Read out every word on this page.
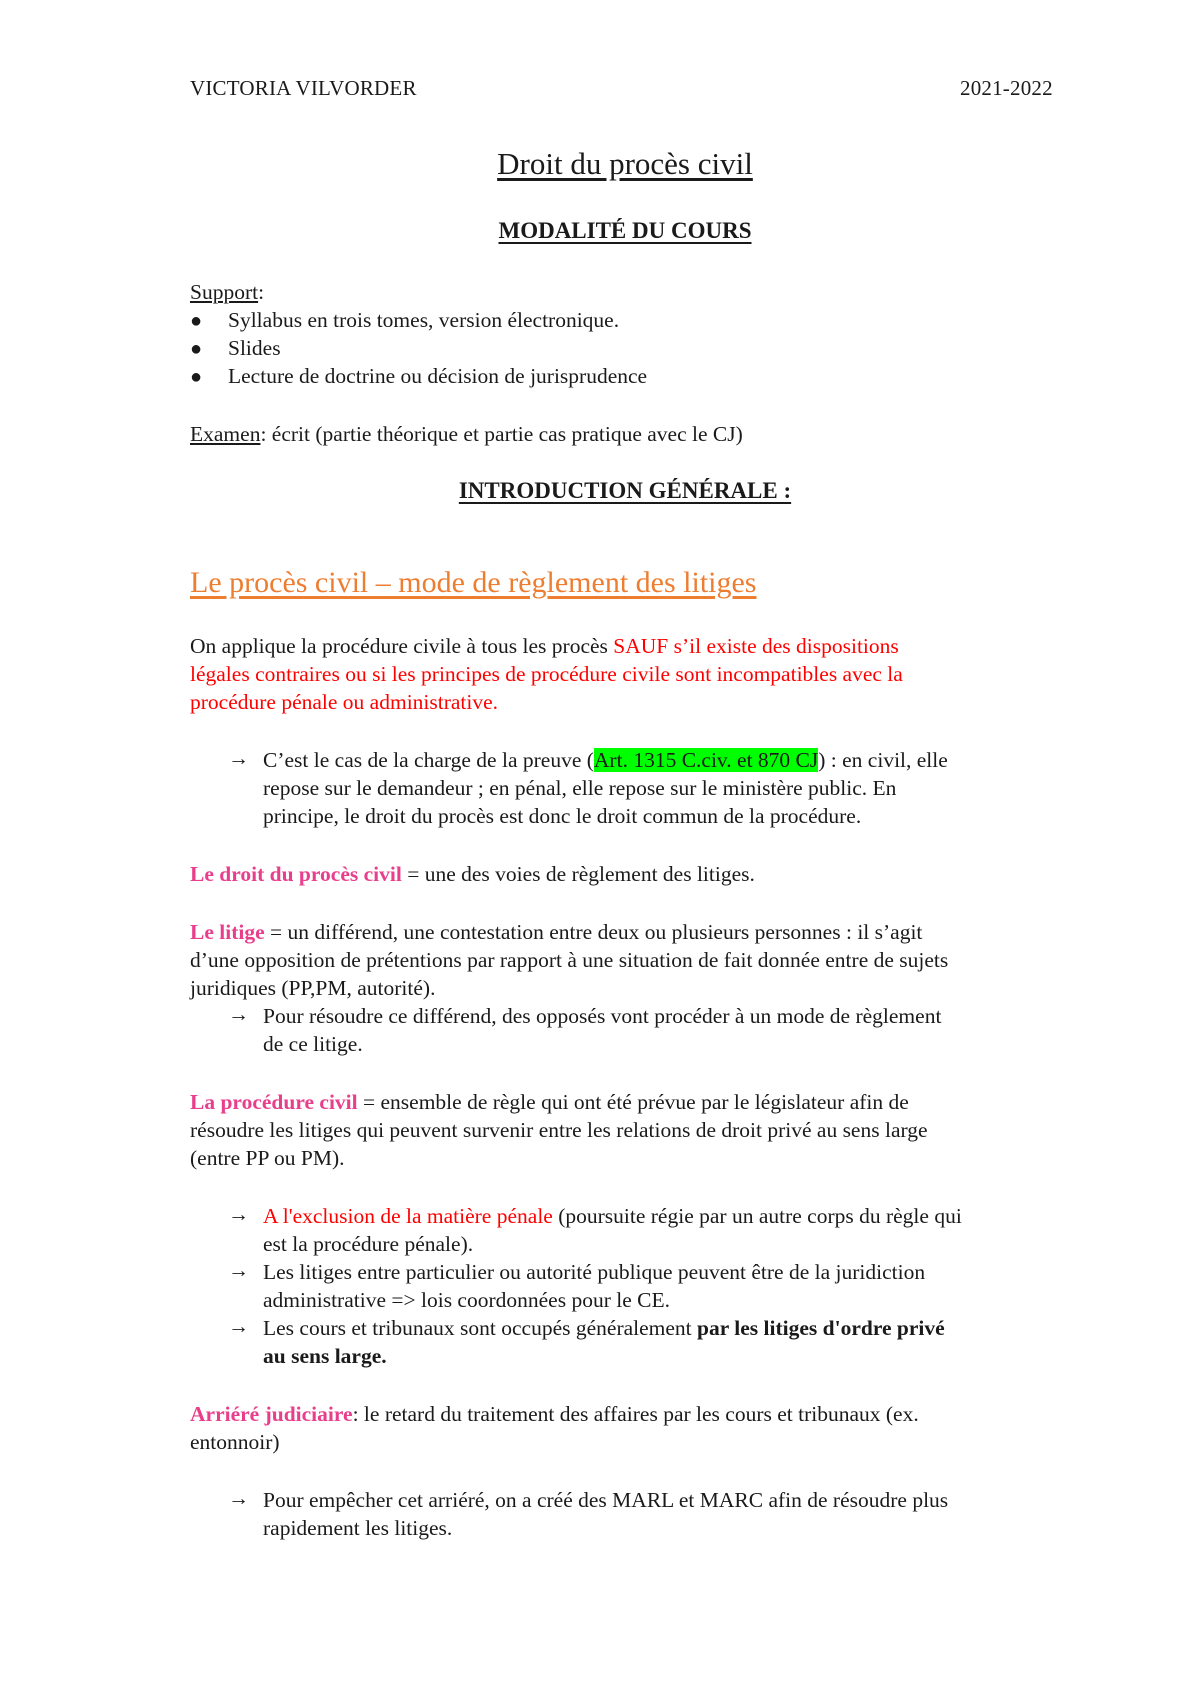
VICTORIA VILVORDER	2021-2022
Droit du procès civil
MODALITÉ DU COURS
Support:
● Syllabus en trois tomes, version électronique.
● Slides
● Lecture de doctrine ou décision de jurisprudence
Examen: écrit (partie théorique et partie cas pratique avec le CJ)
INTRODUCTION GÉNÉRALE :
Le procès civil – mode de règlement des litiges
On applique la procédure civile à tous les procès SAUF s’il existe des dispositions
légales contraires ou si les principes de procédure civile sont incompatibles avec la
procédure pénale ou administrative.
→ C’est le cas de la charge de la preuve (Art. 1315 C.civ. et 870 CJ) : en civil, elle
repose sur le demandeur ; en pénal, elle repose sur le ministère public. En
principe, le droit du procès est donc le droit commun de la procédure.
Le droit du procès civil = une des voies de règlement des litiges.
Le litige = un différend, une contestation entre deux ou plusieurs personnes : il s’agit
d’une opposition de prétentions par rapport à une situation de fait donnée entre de sujets
juridiques (PP,PM, autorité).
→ Pour résoudre ce différend, des opposés vont procéder à un mode de règlement
de ce litige.
La procédure civil = ensemble de règle qui ont été prévue par le législateur afin de
résoudre les litiges qui peuvent survenir entre les relations de droit privé au sens large
(entre PP ou PM).
→ A l'exclusion de la matière pénale (poursuite régie par un autre corps du règle qui
est la procédure pénale).
→ Les litiges entre particulier ou autorité publique peuvent être de la juridiction
administrative => lois coordonnées pour le CE.
→ Les cours et tribunaux sont occupés généralement par les litiges d'ordre privé
au sens large.
Arriéré judiciaire: le retard du traitement des affaires par les cours et tribunaux (ex.
entonnoir)
→ Pour empêcher cet arriéré, on a créé des MARL et MARC afin de résoudre plus
rapidement les litiges.
